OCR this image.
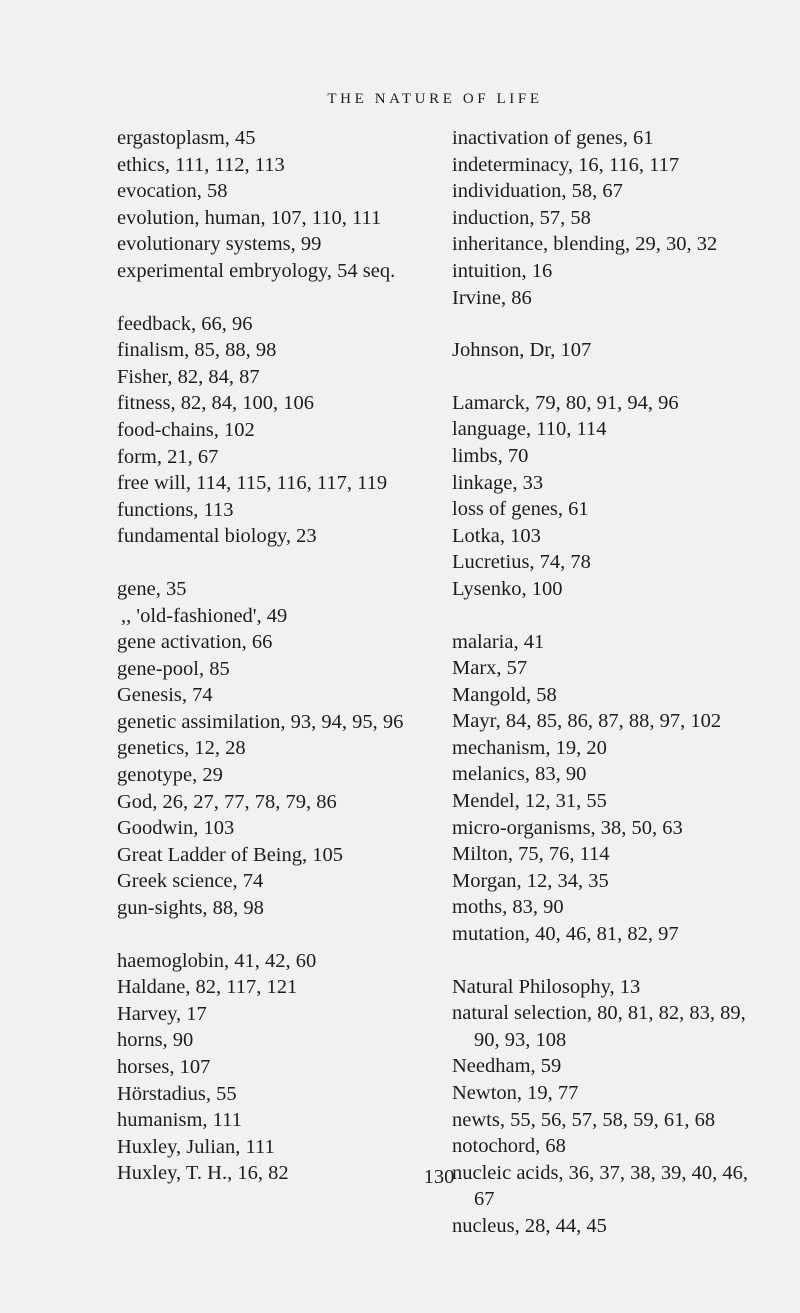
THE NATURE OF LIFE
ergastoplasm, 45
ethics, 111, 112, 113
evocation, 58
evolution, human, 107, 110, 111
evolutionary systems, 99
experimental embryology, 54 seq.
feedback, 66, 96
finalism, 85, 88, 98
Fisher, 82, 84, 87
fitness, 82, 84, 100, 106
food-chains, 102
form, 21, 67
free will, 114, 115, 116, 117, 119
functions, 113
fundamental biology, 23
gene, 35
,, 'old-fashioned', 49
gene activation, 66
gene-pool, 85
Genesis, 74
genetic assimilation, 93, 94, 95, 96
genetics, 12, 28
genotype, 29
God, 26, 27, 77, 78, 79, 86
Goodwin, 103
Great Ladder of Being, 105
Greek science, 74
gun-sights, 88, 98
haemoglobin, 41, 42, 60
Haldane, 82, 117, 121
Harvey, 17
horns, 90
horses, 107
Hörstadius, 55
humanism, 111
Huxley, Julian, 111
Huxley, T. H., 16, 82
inactivation of genes, 61
indeterminacy, 16, 116, 117
individuation, 58, 67
induction, 57, 58
inheritance, blending, 29, 30, 32
intuition, 16
Irvine, 86
Johnson, Dr, 107
Lamarck, 79, 80, 91, 94, 96
language, 110, 114
limbs, 70
linkage, 33
loss of genes, 61
Lotka, 103
Lucretius, 74, 78
Lysenko, 100
malaria, 41
Marx, 57
Mangold, 58
Mayr, 84, 85, 86, 87, 88, 97, 102
mechanism, 19, 20
melanics, 83, 90
Mendel, 12, 31, 55
micro-organisms, 38, 50, 63
Milton, 75, 76, 114
Morgan, 12, 34, 35
moths, 83, 90
mutation, 40, 46, 81, 82, 97
Natural Philosophy, 13
natural selection, 80, 81, 82, 83, 89, 90, 93, 108
Needham, 59
Newton, 19, 77
newts, 55, 56, 57, 58, 59, 61, 68
notochord, 68
nucleic acids, 36, 37, 38, 39, 40, 46, 67
nucleus, 28, 44, 45
130
